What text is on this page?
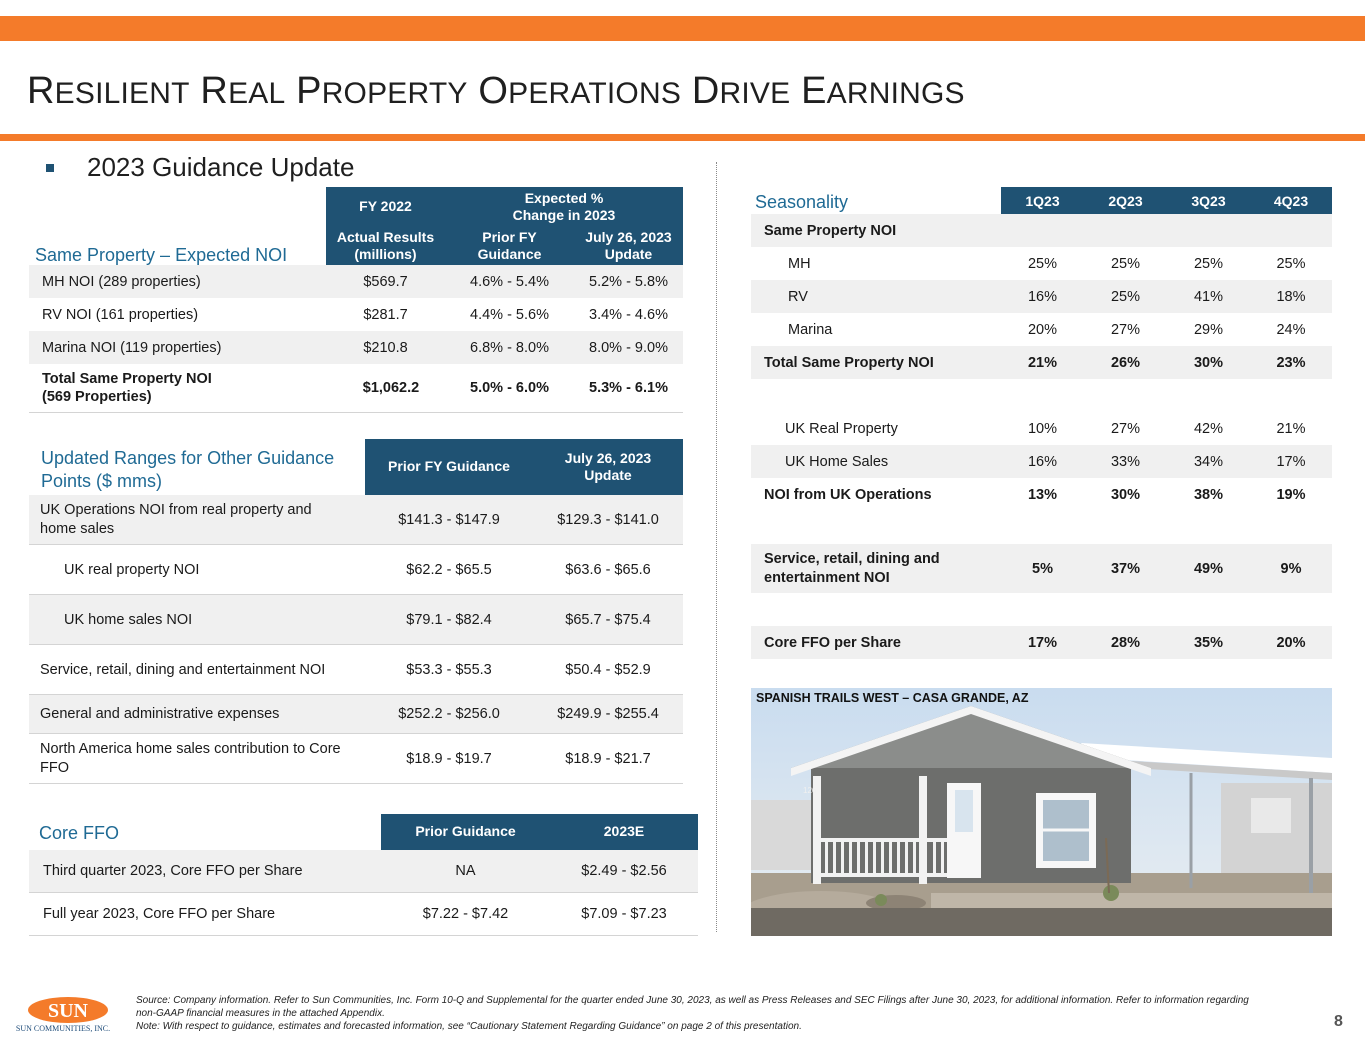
RESILIENT REAL PROPERTY OPERATIONS DRIVE EARNINGS
2023 Guidance Update
Same Property – Expected NOI
FY 2022
Expected % Change in 2023
Actual Results (millions)
Prior FY Guidance
July 26, 2023 Update
MH NOI (289 properties)	$569.7	4.6% - 5.4%	5.2% - 5.8%
RV NOI (161 properties)	$281.7	4.4% - 5.6%	3.4% - 4.6%
Marina NOI (119 properties)	$210.8	6.8% - 8.0%	8.0% - 9.0%
Total Same Property NOI
(569 Properties)
$1,062.2	5.0% - 6.0%	5.3% - 6.1%
Updated Ranges for Other Guidance Points ($ mms)
Prior FY Guidance
July 26, 2023 Update
UK Operations NOI from real property and home sales
$141.3 - $147.9	$129.3 - $141.0
UK real property NOI	$62.2 - $65.5	$63.6 - $65.6
UK home sales NOI	$79.1 - $82.4	$65.7 - $75.4
Service, retail, dining and entertainment NOI	$53.3 - $55.3	$50.4 - $52.9
General and administrative expenses	$252.2 - $256.0	$249.9 - $255.4
North America home sales contribution to Core FFO
$18.9 - $19.7	$18.9 - $21.7
Core FFO	Prior Guidance	2023E
Third quarter 2023, Core FFO per Share	NA	$2.49 - $2.56
Full year 2023, Core FFO per Share	$7.22 - $7.42	$7.09 - $7.23
Seasonality	1Q23	2Q23	3Q23	4Q23
Same Property NOI
MH	25%	25%	25%	25%
RV	16%	25%	41%	18%
Marina	20%	27%	29%	24%
Total Same Property NOI	21%	26%	30%	23%
UK Real Property	10%	27%	42%	21%
UK Home Sales	16%	33%	34%	17%
NOI from UK Operations	13%	30%	38%	19%
Service, retail, dining and entertainment NOI
5%	37%	49%	9%
Core FFO per Share	17%	28%	35%	20%
126
SPANISH TRAILS WEST – CASA GRANDE, AZ
SUN
SUN COMMUNITIES, INC.
Source: Company information. Refer to Sun Communities, Inc. Form 10-Q and Supplemental for the quarter ended June 30, 2023, as well as Press Releases and SEC Filings after June 30, 2023, for additional information. Refer to information regarding non-GAAP financial measures in the attached Appendix.
Note: With respect to guidance, estimates and forecasted information, see “Cautionary Statement Regarding Guidance” on page 2 of this presentation.	8
